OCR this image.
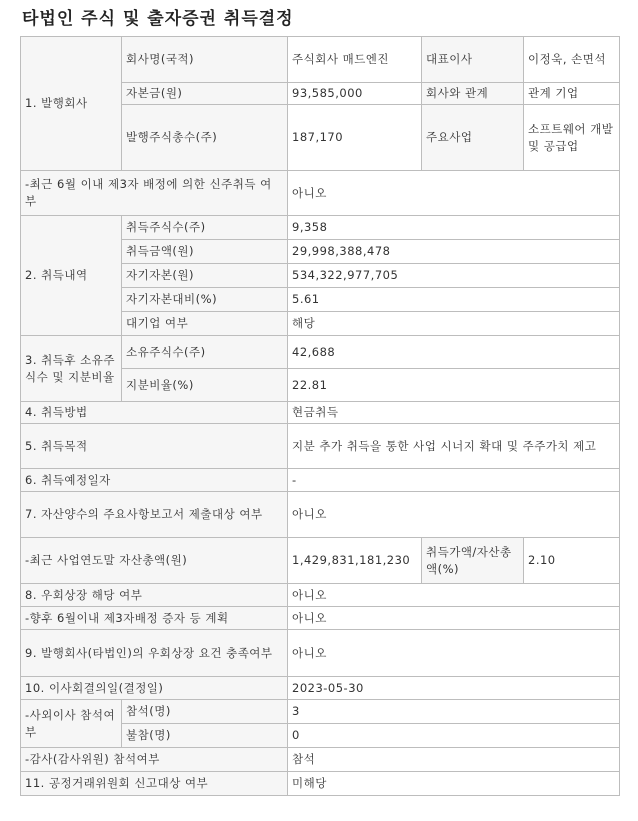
타법인 주식 및 출자증권 취득결정
1. 발행회사	회사명(국적)	주식회사 매드엔진	대표이사	이정욱, 손면석
	자본금(원)	93,585,000	회사와 관계	관계 기업
	발행주식총수(주)	187,170	주요사업	소프트웨어 개발 및 공급업
-최근 6월 이내 제3자 배정에 의한 신주취득 여부		아니오		
2. 취득내역	취득주식수(주)	9,358		
	취득금액(원)	29,998,388,478		
	자기자본(원)	534,322,977,705		
	자기자본대비(%)	5.61		
	대기업 여부	해당		
3. 취득후 소유주식수 및 지분비율	소유주식수(주)	42,688		
	지분비율(%)	22.81		
4. 취득방법		현금취득		
5. 취득목적		지분 추가 취득을 통한 사업 시너지 확대 및 주주가치 제고		
6. 취득예정일자		-		
7. 자산양수의 주요사항보고서 제출대상 여부		아니오		
-최근 사업연도말 자산총액(원)		1,429,831,181,230	취득가액/자산총액(%)	2.10
8. 우회상장 해당 여부		아니오		
-향후 6월이내 제3자배정 증자 등 계획		아니오		
9. 발행회사(타법인)의 우회상장 요건 충족여부		아니오		
10. 이사회결의일(결정일)		2023-05-30		
-사외이사 참석여부	참석(명)	3		
	불참(명)	0		
-감사(감사위원) 참석여부		참석		
11. 공정거래위원회 신고대상 여부		미해당		
